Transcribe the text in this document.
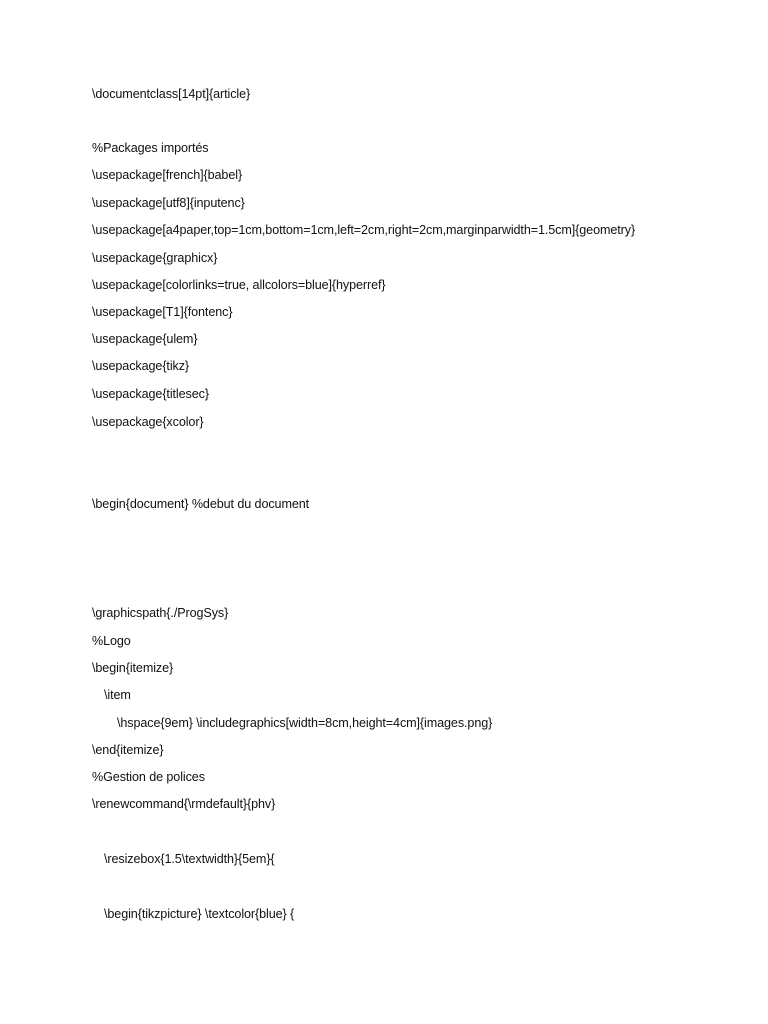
\documentclass[14pt]{article}
%Packages importés
\usepackage[french]{babel}
\usepackage[utf8]{inputenc}
\usepackage[a4paper,top=1cm,bottom=1cm,left=2cm,right=2cm,marginparwidth=1.5cm]{geometry}
\usepackage{graphicx}
\usepackage[colorlinks=true, allcolors=blue]{hyperref}
\usepackage[T1]{fontenc}
\usepackage{ulem}
\usepackage{tikz}
\usepackage{titlesec}
\usepackage{xcolor}
\begin{document} %debut du document
\graphicspath{./ProgSys}
%Logo
\begin{itemize}
\item
\hspace{9em} \includegraphics[width=8cm,height=4cm]{images.png}
\end{itemize}
%Gestion de polices
\renewcommand{\rmdefault}{phv}
\resizebox{1.5\textwidth}{5em}{
\begin{tikzpicture} \textcolor{blue} {
